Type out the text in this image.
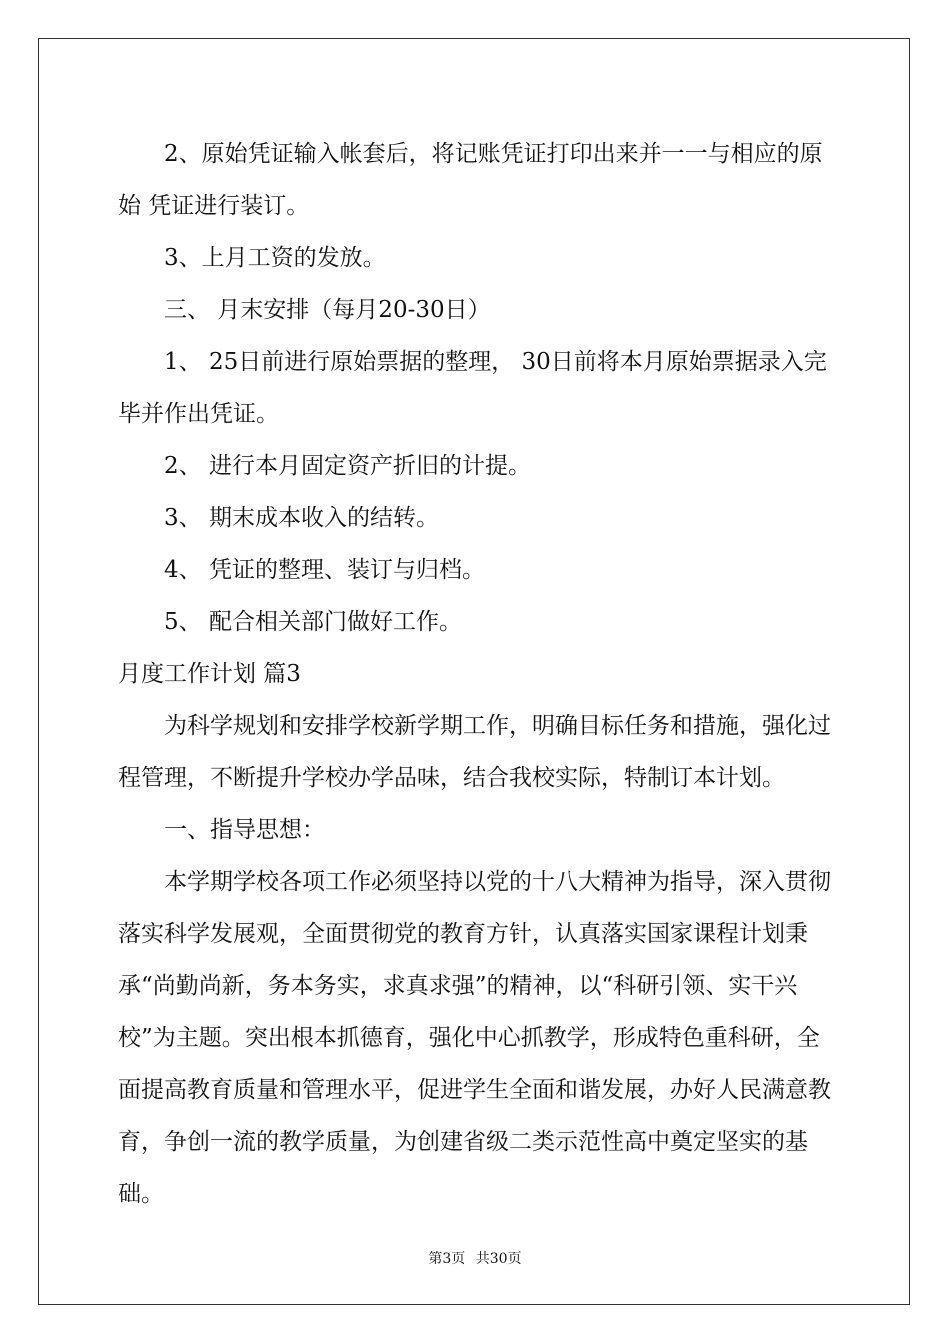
2、原始凭证输入帐套后，将记账凭证打印出来并一一与相应的原始 凭证进行装订。

3、上月工资的发放。

三、 月末安排（每月20-30日）

1、 25日前进行原始票据的整理， 30日前将本月原始票据录入完毕并作出凭证。

2、 进行本月固定资产折旧的计提。

3、 期末成本收入的结转。

4、 凭证的整理、装订与归档。

5、 配合相关部门做好工作。

月度工作计划 篇3

为科学规划和安排学校新学期工作，明确目标任务和措施，强化过程管理，不断提升学校办学品味，结合我校实际，特制订本计划。

一、指导思想：

本学期学校各项工作必须坚持以党的十八大精神为指导，深入贯彻落实科学发展观，全面贯彻党的教育方针，认真落实国家课程计划秉承“尚勤尚新，务本务实，求真求强”的精神，以“科研引领、实干兴校”为主题。突出根本抓德育，强化中心抓教学，形成特色重科研，全面提高教育质量和管理水平，促进学生全面和谐发展，办好人民满意教育，争创一流的教学质量，为创建省级二类示范性高中奠定坚实的基础。

第3页 共30页
